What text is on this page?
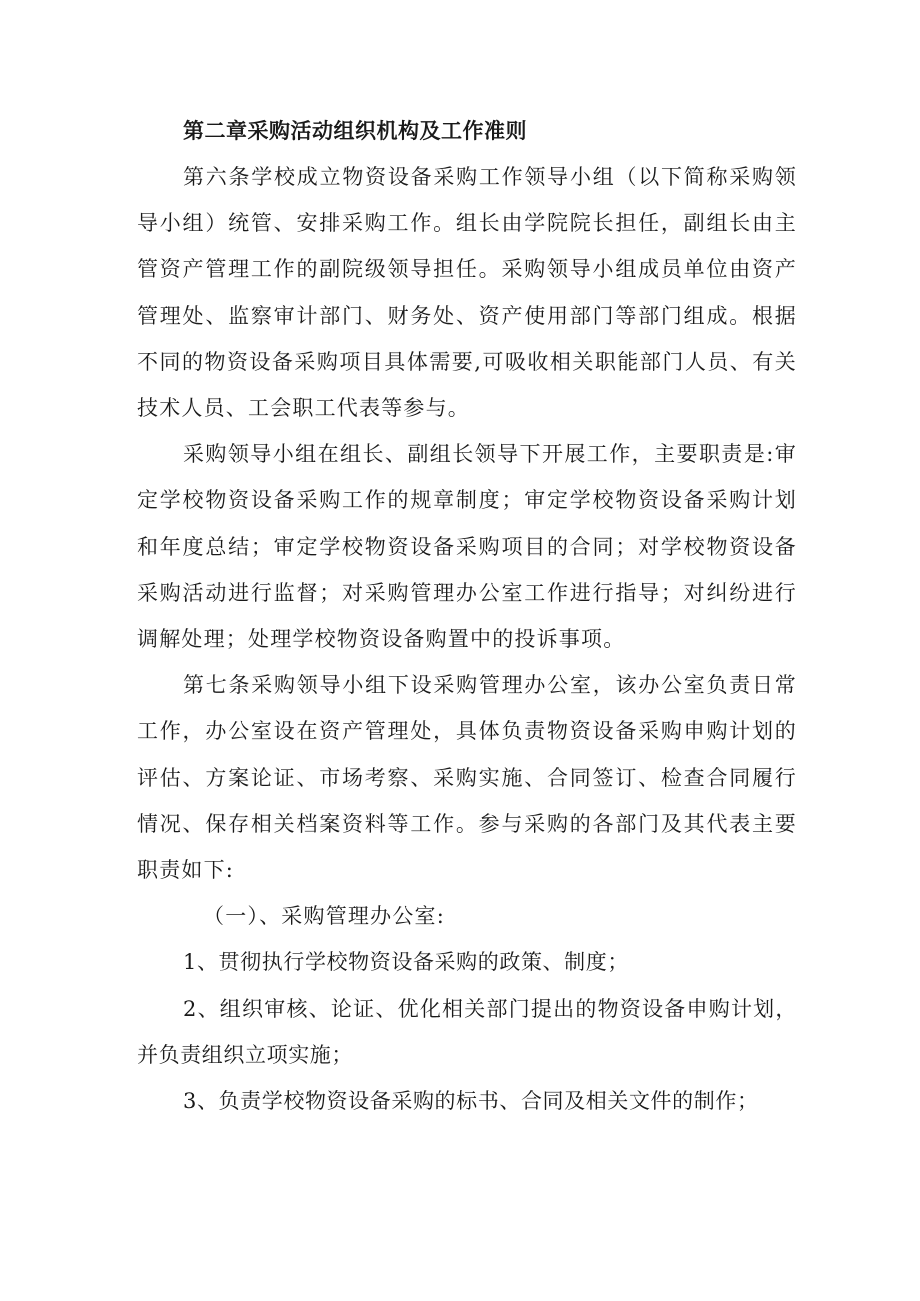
第二章采购活动组织机构及工作准则

第六条学校成立物资设备采购工作领导小组（以下简称采购领导小组）统管、安排采购工作。组长由学院院长担任，副组长由主管资产管理工作的副院级领导担任。采购领导小组成员单位由资产管理处、监察审计部门、财务处、资产使用部门等部门组成。根据不同的物资设备采购项目具体需要,可吸收相关职能部门人员、有关技术人员、工会职工代表等参与。

采购领导小组在组长、副组长领导下开展工作，主要职责是:审定学校物资设备采购工作的规章制度；审定学校物资设备采购计划和年度总结；审定学校物资设备采购项目的合同；对学校物资设备采购活动进行监督；对采购管理办公室工作进行指导；对纠纷进行调解处理；处理学校物资设备购置中的投诉事项。

第七条采购领导小组下设采购管理办公室，该办公室负责日常工作，办公室设在资产管理处，具体负责物资设备采购申购计划的评估、方案论证、市场考察、采购实施、合同签订、检查合同履行情况、保存相关档案资料等工作。参与采购的各部门及其代表主要职责如下:

（一）、采购管理办公室:

1、贯彻执行学校物资设备采购的政策、制度；

2、组织审核、论证、优化相关部门提出的物资设备申购计划，并负责组织立项实施；

3、负责学校物资设备采购的标书、合同及相关文件的制作；
